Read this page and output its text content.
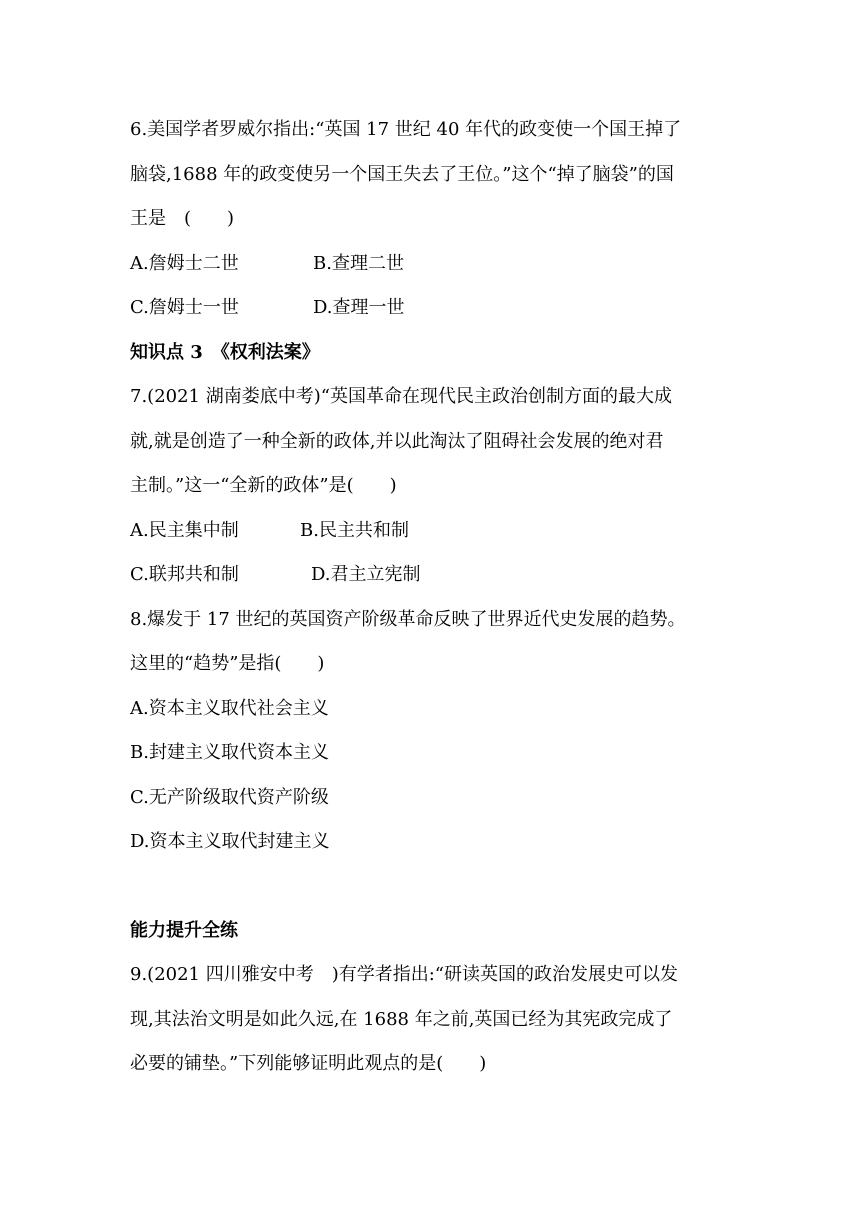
6.美国学者罗威尔指出:“英国 17 世纪 40 年代的政变使一个国王掉了

脑袋,1688 年的政变使另一个国王失去了王位。”这个“掉了脑袋”的国

王是　(　　)

A.詹姆士二世	B.查理二世

C.詹姆士一世	D.查理一世

知识点 3　《权利法案》

7.(2021 湖南娄底中考)“英国革命在现代民主政治创制方面的最大成

就,就是创造了一种全新的政体,并以此淘汰了阻碍社会发展的绝对君

主制。”这一“全新的政体”是(　　)

A.民主集中制	B.民主共和制

C.联邦共和制	D.君主立宪制

8.爆发于 17 世纪的英国资产阶级革命反映了世界近代史发展的趋势。

这里的“趋势”是指(　　)

A.资本主义取代社会主义

B.封建主义取代资本主义

C.无产阶级取代资产阶级

D.资本主义取代封建主义

能力提升全练

9.(2021 四川雅安中考　)有学者指出:“研读英国的政治发展史可以发

现,其法治文明是如此久远,在 1688 年之前,英国已经为其宪政完成了

必要的铺垫。”下列能够证明此观点的是(　　)
